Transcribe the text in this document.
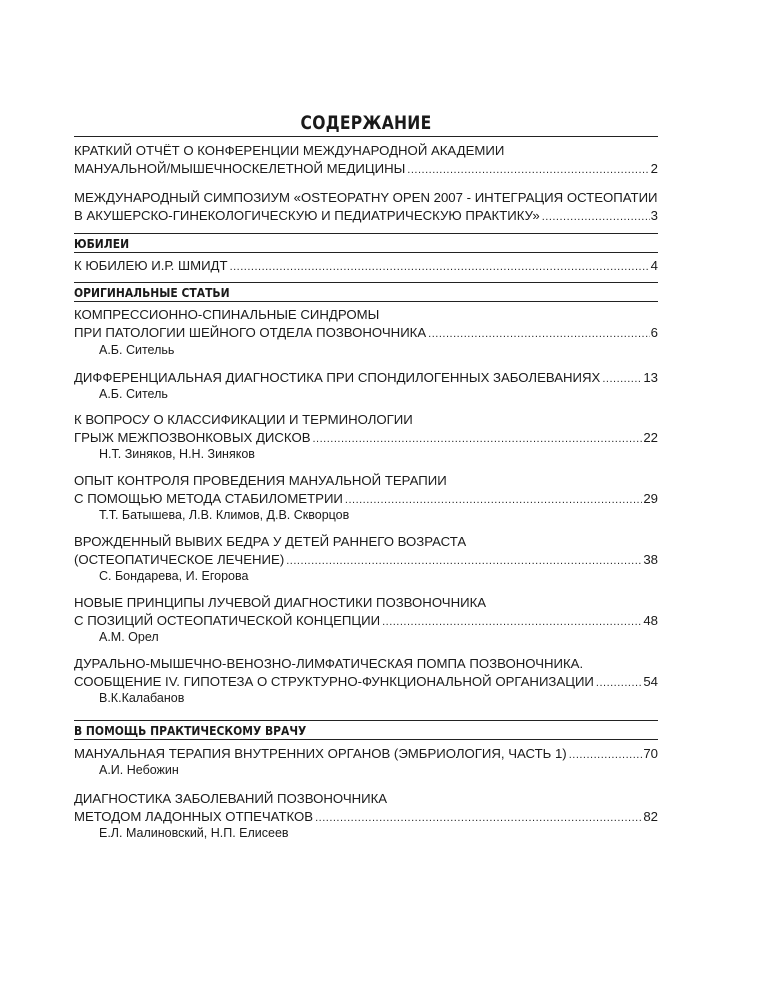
СОДЕРЖАНИЕ
КРАТКИЙ ОТЧЁТ О КОНФЕРЕНЦИИ МЕЖДУНАРОДНОЙ АКАДЕМИИ
МАНУАЛЬНОЙ/МЫШЕЧНОСКЕЛЕТНОЙ МЕДИЦИНЫ .....	2
МЕЖДУНАРОДНЫЙ СИМПОЗИУМ «OSTEOPATHY OPEN 2007 - ИНТЕГРАЦИЯ ОСТЕОПАТИИ
В АКУШЕРСКО-ГИНЕКОЛОГИЧЕСКУЮ И ПЕДИАТРИЧЕСКУЮ ПРАКТИКУ» .....	3
ЮБИЛЕИ
К ЮБИЛЕЮ И.Р. ШМИДТ .....	4
ОРИГИНАЛЬНЫЕ СТАТЬИ
КОМПРЕССИОННО-СПИНАЛЬНЫЕ СИНДРОМЫ
ПРИ ПАТОЛОГИИ ШЕЙНОГО ОТДЕЛА ПОЗВОНОЧНИКА .....	6
А.Б. Сительь
ДИФФЕРЕНЦИАЛЬНАЯ ДИАГНОСТИКА ПРИ СПОНДИЛОГЕННЫХ ЗАБОЛЕВАНИЯХ .....	13
А.Б. Ситель
К ВОПРОСУ О КЛАССИФИКАЦИИ И ТЕРМИНОЛОГИИ
ГРЫЖ МЕЖПОЗВОНКОВЫХ ДИСКОВ .....	22
Н.Т. Зиняков, Н.Н. Зиняков
ОПЫТ КОНТРОЛЯ ПРОВЕДЕНИЯ МАНУАЛЬНОЙ ТЕРАПИИ
С ПОМОЩЬЮ МЕТОДА СТАБИЛОМЕТРИИ .....	29
Т.Т. Батышева, Л.В. Климов, Д.В. Скворцов
ВРОЖДЕННЫЙ ВЫВИХ БЕДРА У ДЕТЕЙ РАННЕГО ВОЗРАСТА
(ОСТЕОПАТИЧЕСКОЕ ЛЕЧЕНИЕ) .....	38
С. Бондарева, И. Егорова
НОВЫЕ ПРИНЦИПЫ ЛУЧЕВОЙ ДИАГНОСТИКИ ПОЗВОНОЧНИКА
С ПОЗИЦИЙ ОСТЕОПАТИЧЕСКОЙ КОНЦЕПЦИИ .....	48
А.М. Орел
ДУРАЛЬНО-МЫШЕЧНО-ВЕНОЗНО-ЛИМФАТИЧЕСКАЯ ПОМПА ПОЗВОНОЧНИКА.
СООБЩЕНИЕ IV. ГИПОТЕЗА О СТРУКТУРНО-ФУНКЦИОНАЛЬНОЙ ОРГАНИЗАЦИИ .....	54
В.К.Калабанов
В ПОМОЩЬ ПРАКТИЧЕСКОМУ ВРАЧУ
МАНУАЛЬНАЯ ТЕРАПИЯ ВНУТРЕННИХ ОРГАНОВ (ЭМБРИОЛОГИЯ, ЧАСТЬ 1) .....	70
А.И. Небожин
ДИАГНОСТИКА ЗАБОЛЕВАНИЙ ПОЗВОНОЧНИКА
МЕТОДОМ ЛАДОННЫХ ОТПЕЧАТКОВ .....	82
Е.Л. Малиновский, Н.П. Елисеев
